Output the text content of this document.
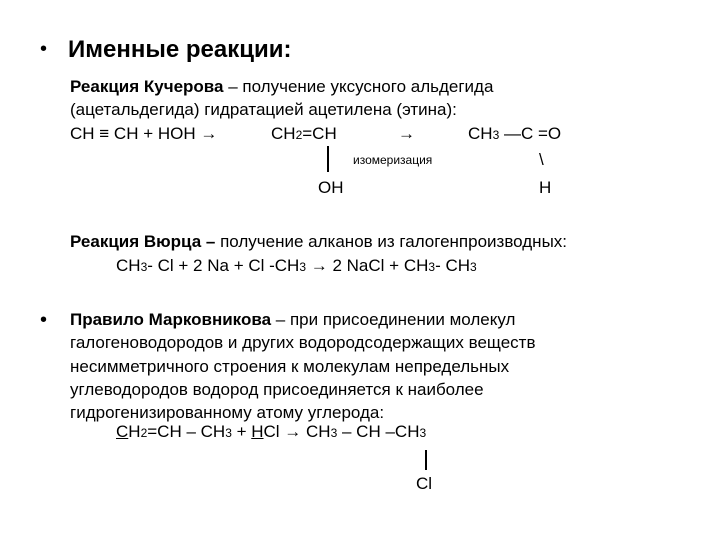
• Именные реакции:
Реакция Кучерова – получение уксусного альдегида
(ацетальдегида) гидратацией ацетилена (этина):
СН ≡ СН + НОН →	СН2=СН	→	СН3 —С =О
изомеризация	\
ОН	Н
Реакция Вюрца – получение алканов из галогенпроизводных:
СН3- Cl + 2 Na + Cl -CH3 → 2 NaCl + CH3- CH3
• Правило Марковникова – при присоединении молекул
галогеноводородов и других водородсодержащих веществ
несимметричного строения к молекулам непредельных
углеводородов водород присоединяется к наиболее
гидрогенизированному атому углерода:
СН2=СН – СН3 + НCl → CH3 – CH –CH3
Cl
